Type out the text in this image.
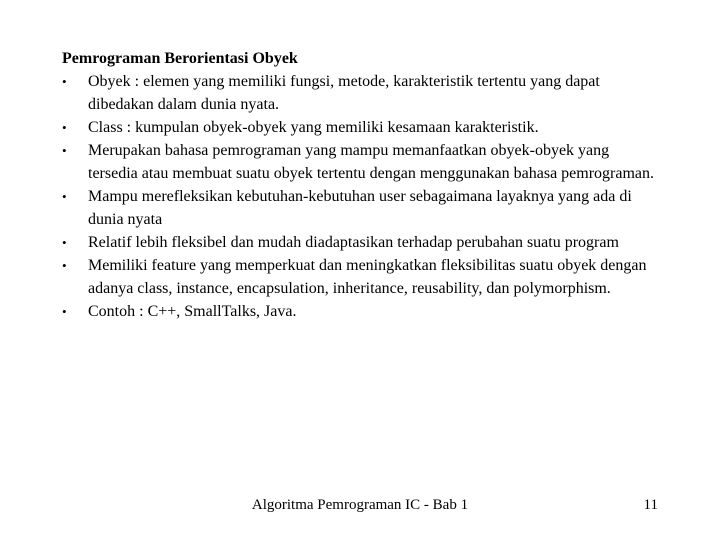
Pemrograman Berorientasi Obyek

•	Obyek : elemen yang memiliki fungsi, metode, karakteristik tertentu yang dapat dibedakan dalam dunia nyata.
•	Class : kumpulan obyek-obyek yang memiliki kesamaan karakteristik.
•	Merupakan bahasa pemrograman yang mampu memanfaatkan obyek-obyek yang tersedia atau membuat suatu obyek tertentu dengan menggunakan bahasa pemrograman.
•	Mampu merefleksikan kebutuhan-kebutuhan user sebagaimana layaknya yang ada di dunia nyata
•	Relatif lebih fleksibel dan mudah diadaptasikan terhadap perubahan suatu program
•	Memiliki feature yang memperkuat dan meningkatkan fleksibilitas suatu obyek dengan adanya class, instance, encapsulation, inheritance, reusability, dan polymorphism.
•	Contoh : C++, SmallTalks, Java.
Algoritma Pemrograman IC - Bab 1	11
